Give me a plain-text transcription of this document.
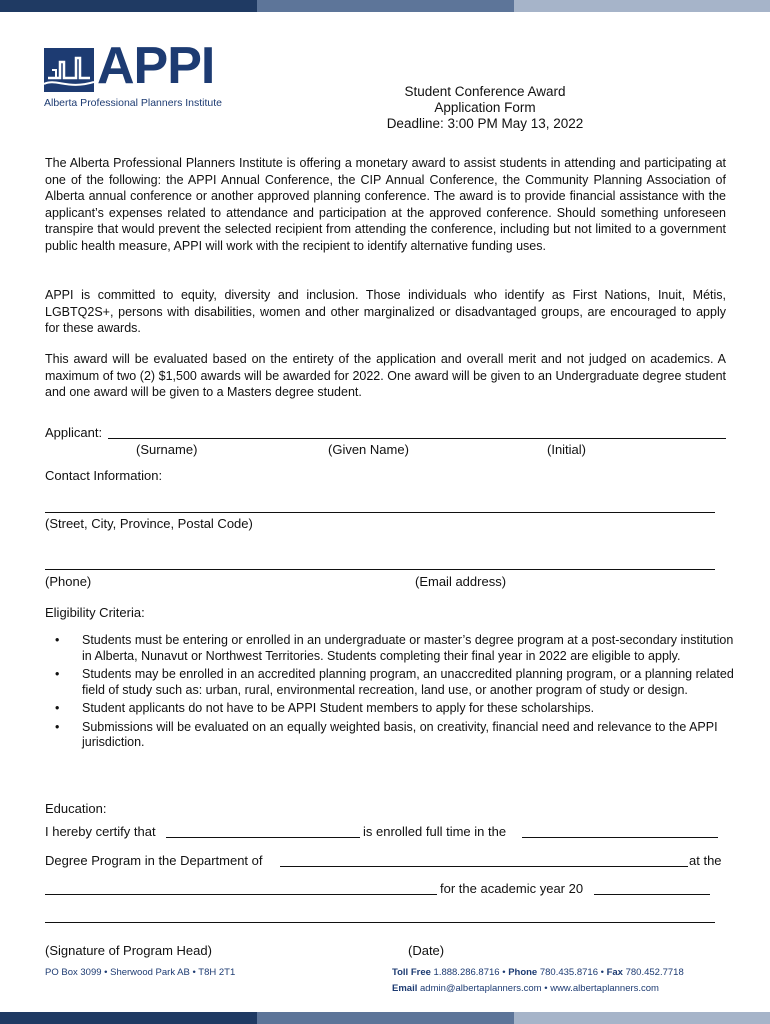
APPI
Alberta Professional Planners Institute
Student Conference Award
Application Form
Deadline: 3:00 PM May 13, 2022

The Alberta Professional Planners Institute is offering a monetary award to assist students in attending and participating at one of the following: the APPI Annual Conference, the CIP Annual Conference, the Community Planning Association of Alberta annual conference or another approved planning conference. The award is to provide financial assistance with the applicant’s expenses related to attendance and participation at the approved conference. Should something unforeseen transpire that would prevent the selected recipient from attending the conference, including but not limited to a government public health measure, APPI will work with the recipient to identify alternative funding uses.

APPI is committed to equity, diversity and inclusion. Those individuals who identify as First Nations, Inuit, Métis, LGBTQ2S+, persons with disabilities, women and other marginalized or disadvantaged groups, are encouraged to apply for these awards.

This award will be evaluated based on the entirety of the application and overall merit and not judged on academics. A maximum of two (2) $1,500 awards will be awarded for 2022. One award will be given to an Undergraduate degree student and one award will be given to a Masters degree student.

Applicant:
(Surname)	(Given Name)	(Initial)
Contact Information:
(Street, City, Province, Postal Code)
(Phone)	(Email address)
Eligibility Criteria:
• Students must be entering or enrolled in an undergraduate or master’s degree program at a post-secondary institution in Alberta, Nunavut or Northwest Territories. Students completing their final year in 2022 are eligible to apply.
• Students may be enrolled in an accredited planning program, an unaccredited planning program, or a planning related field of study such as: urban, rural, environmental recreation, land use, or another program of study or design.
• Student applicants do not have to be APPI Student members to apply for these scholarships.
• Submissions will be evaluated on an equally weighted basis, on creativity, financial need and relevance to the APPI jurisdiction.
Education:
I hereby certify that	is enrolled full time in the
Degree Program in the Department of	at the
for the academic year 20
(Signature of Program Head)	(Date)
PO Box 3099 • Sherwood Park AB • T8H 2T1	Toll Free 1.888.286.8716 • Phone 780.435.8716 • Fax 780.452.7718
Email admin@albertaplanners.com • www.albertaplanners.com
